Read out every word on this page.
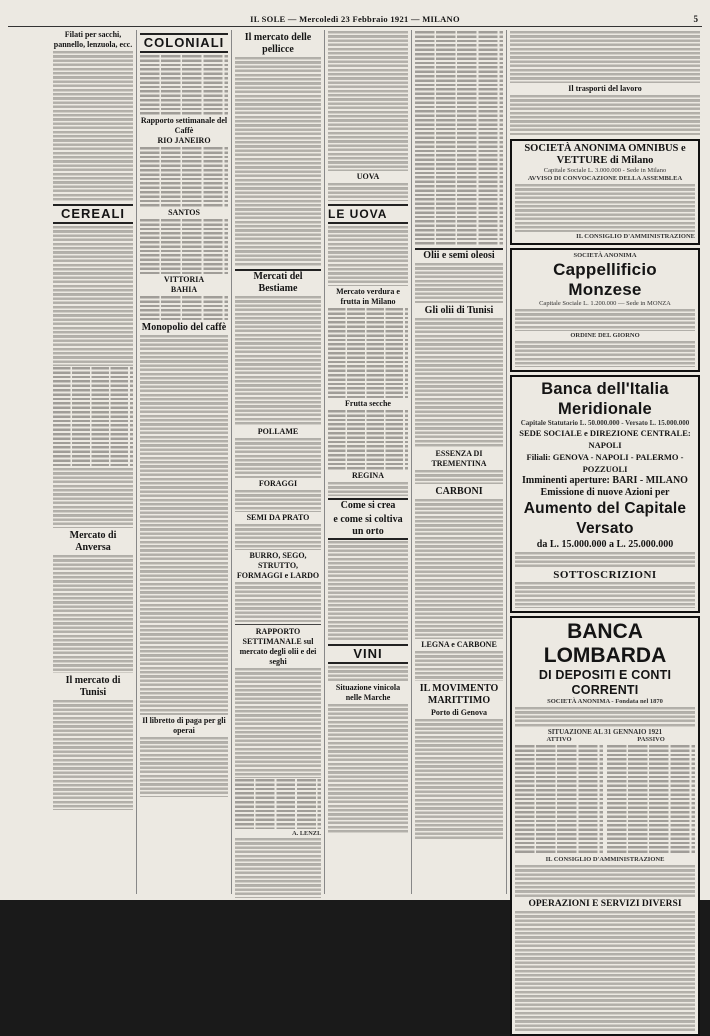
IL SOLE — Mercoledì 23 Febbraio 1921 — MILANO	5
Filati per sacchi, pannello, lenzuola, ecc.
CEREALI
Mercato di Anversa
Il mercato di Tunisi
COLONIALI
Rapporto settimanale del Caffè
RIO JANEIRO
SANTOS
VITTORIA
BAHIA
Monopolio del caffè
Il libretto di paga per gli operai
Il mercato delle pellicce
Mercati del Bestiame
POLLAME
FORAGGI
SEMI DA PRATO
BURRO, SEGO, STRUTTO, FORMAGGI e LARDO
RAPPORTO SETTIMANALE sul mercato degli olii e dei seghi
A. LENZI.
UOVA
LE UOVA
Mercato verdura e frutta in Milano
Frutta secche
REGINA
Come si crea
e come si coltiva un orto
VINI
Situazione vinicola nelle Marche
Olii e semi oleosi
Gli olii di Tunisi
ESSENZA DI TREMENTINA
CARBONI
LEGNA e CARBONE
IL MOVIMENTO MARITTIMO
Porto di Genova
Il trasporti del lavoro
SOCIETÀ ANONIMA OMNIBUS e VETTURE di Milano
Capitale Sociale L. 3.000.000 - Sede in Milano
AVVISO DI CONVOCAZIONE DELLA ASSEMBLEA
IL CONSIGLIO D'AMMINISTRAZIONE
SOCIETÀ ANONIMA
Cappellificio Monzese
Capitale Sociale L. 1.200.000 — Sede in MONZA
ORDINE DEL GIORNO
Banca dell'Italia Meridionale
Capitale Statutario L. 50.000.000 - Versato L. 15.000.000
SEDE SOCIALE e DIREZIONE CENTRALE: NAPOLI
Filiali: GENOVA - NAPOLI - PALERMO - POZZUOLI
Imminenti aperture: BARI - MILANO
Emissione di nuove Azioni per
Aumento del Capitale Versato
da L. 15.000.000 a L. 25.000.000
SOTTOSCRIZIONI
BANCA LOMBARDA
DI DEPOSITI E CONTI CORRENTI
SOCIETÀ ANONIMA - Fondata nel 1870
SITUAZIONE AL 31 GENNAIO 1921
ATTIVO	PASSIVO
IL CONSIGLIO D'AMMINISTRAZIONE
OPERAZIONI E SERVIZI DIVERSI
